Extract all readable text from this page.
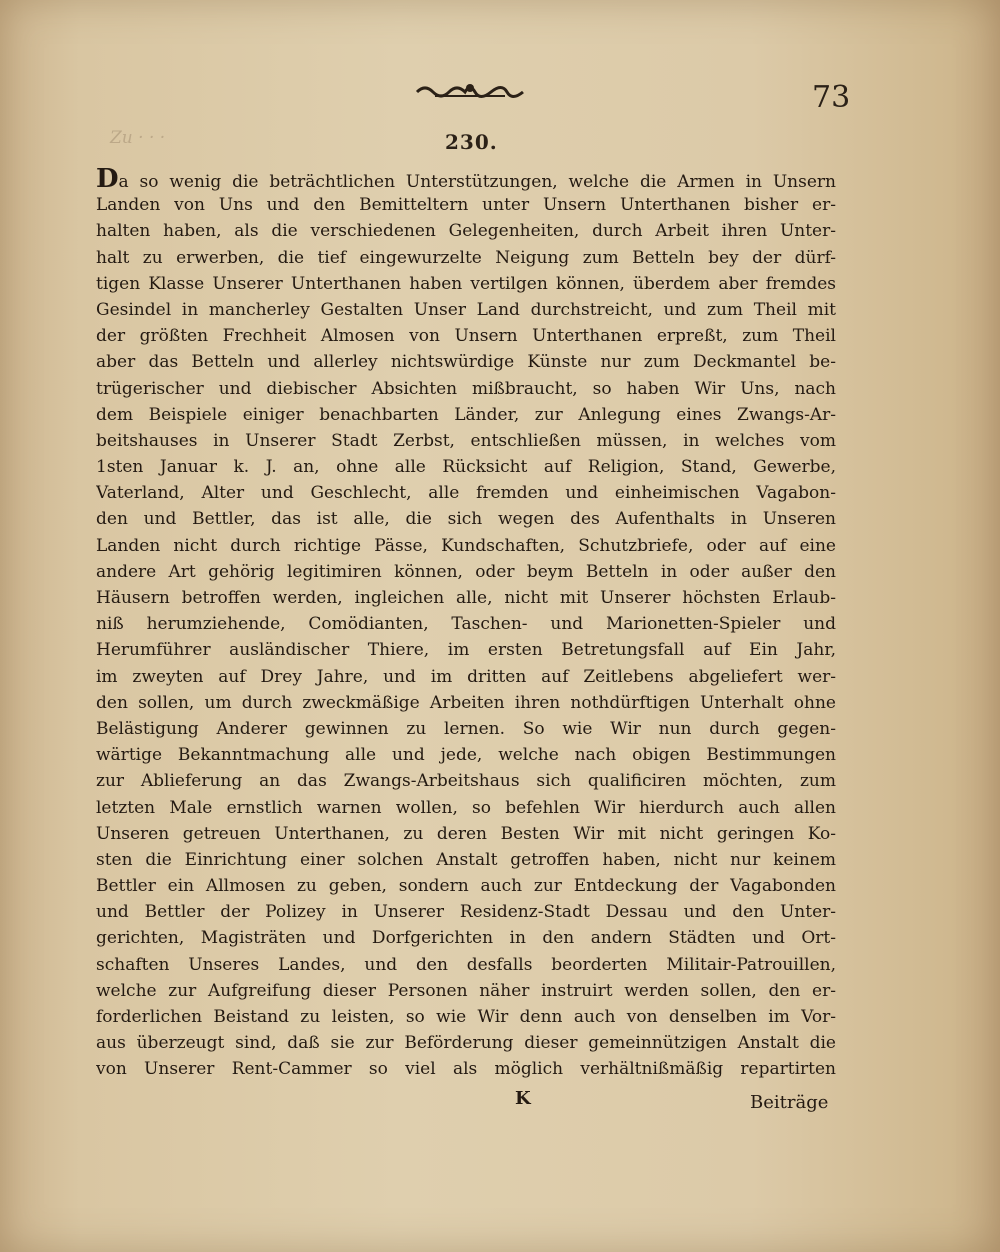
73
Zu · · ·	230.
Da so wenig die beträchtlichen Unterstützungen, welche die Armen in Unsern
Landen von Uns und den Bemitteltern unter Unsern Unterthanen bisher er-
halten haben, als die verschiedenen Gelegenheiten, durch Arbeit ihren Unter-
halt zu erwerben, die tief eingewurzelte Neigung zum Betteln bey der dürf-
tigen Klasse Unserer Unterthanen haben vertilgen können, überdem aber fremdes
Gesindel in mancherley Gestalten Unser Land durchstreicht, und zum Theil mit
der größten Frechheit Almosen von Unsern Unterthanen erpreßt, zum Theil
aber das Betteln und allerley nichtswürdige Künste nur zum Deckmantel be-
trügerischer und diebischer Absichten mißbraucht, so haben Wir Uns, nach
dem Beispiele einiger benachbarten Länder, zur Anlegung eines Zwangs-Ar-
beitshauses in Unserer Stadt Zerbst, entschließen müssen, in welches vom
1sten Januar k. J. an, ohne alle Rücksicht auf Religion, Stand, Gewerbe,
Vaterland, Alter und Geschlecht, alle fremden und einheimischen Vagabon-
den und Bettler, das ist alle, die sich wegen des Aufenthalts in Unseren
Landen nicht durch richtige Pässe, Kundschaften, Schutzbriefe, oder auf eine
andere Art gehörig legitimiren können, oder beym Betteln in oder außer den
Häusern betroffen werden, ingleichen alle, nicht mit Unserer höchsten Erlaub-
niß herumziehende, Comödianten, Taschen- und Marionetten-Spieler und
Herumführer ausländischer Thiere, im ersten Betretungsfall auf Ein Jahr,
im zweyten auf Drey Jahre, und im dritten auf Zeitlebens abgeliefert wer-
den sollen, um durch zweckmäßige Arbeiten ihren nothdürftigen Unterhalt ohne
Belästigung Anderer gewinnen zu lernen. So wie Wir nun durch gegen-
wärtige Bekanntmachung alle und jede, welche nach obigen Bestimmungen
zur Ablieferung an das Zwangs-Arbeitshaus sich qualificiren möchten, zum
letzten Male ernstlich warnen wollen, so befehlen Wir hierdurch auch allen
Unseren getreuen Unterthanen, zu deren Besten Wir mit nicht geringen Ko-
sten die Einrichtung einer solchen Anstalt getroffen haben, nicht nur keinem
Bettler ein Allmosen zu geben, sondern auch zur Entdeckung der Vagabonden
und Bettler der Polizey in Unserer Residenz-Stadt Dessau und den Unter-
gerichten, Magisträten und Dorfgerichten in den andern Städten und Ort-
schaften Unseres Landes, und den desfalls beorderten Militair-Patrouillen,
welche zur Aufgreifung dieser Personen näher instruirt werden sollen, den er-
forderlichen Beistand zu leisten, so wie Wir denn auch von denselben im Vor-
aus überzeugt sind, daß sie zur Beförderung dieser gemeinnützigen Anstalt die
von Unserer Rent-Cammer so viel als möglich verhältnißmäßig repartirten
K	Beiträge
